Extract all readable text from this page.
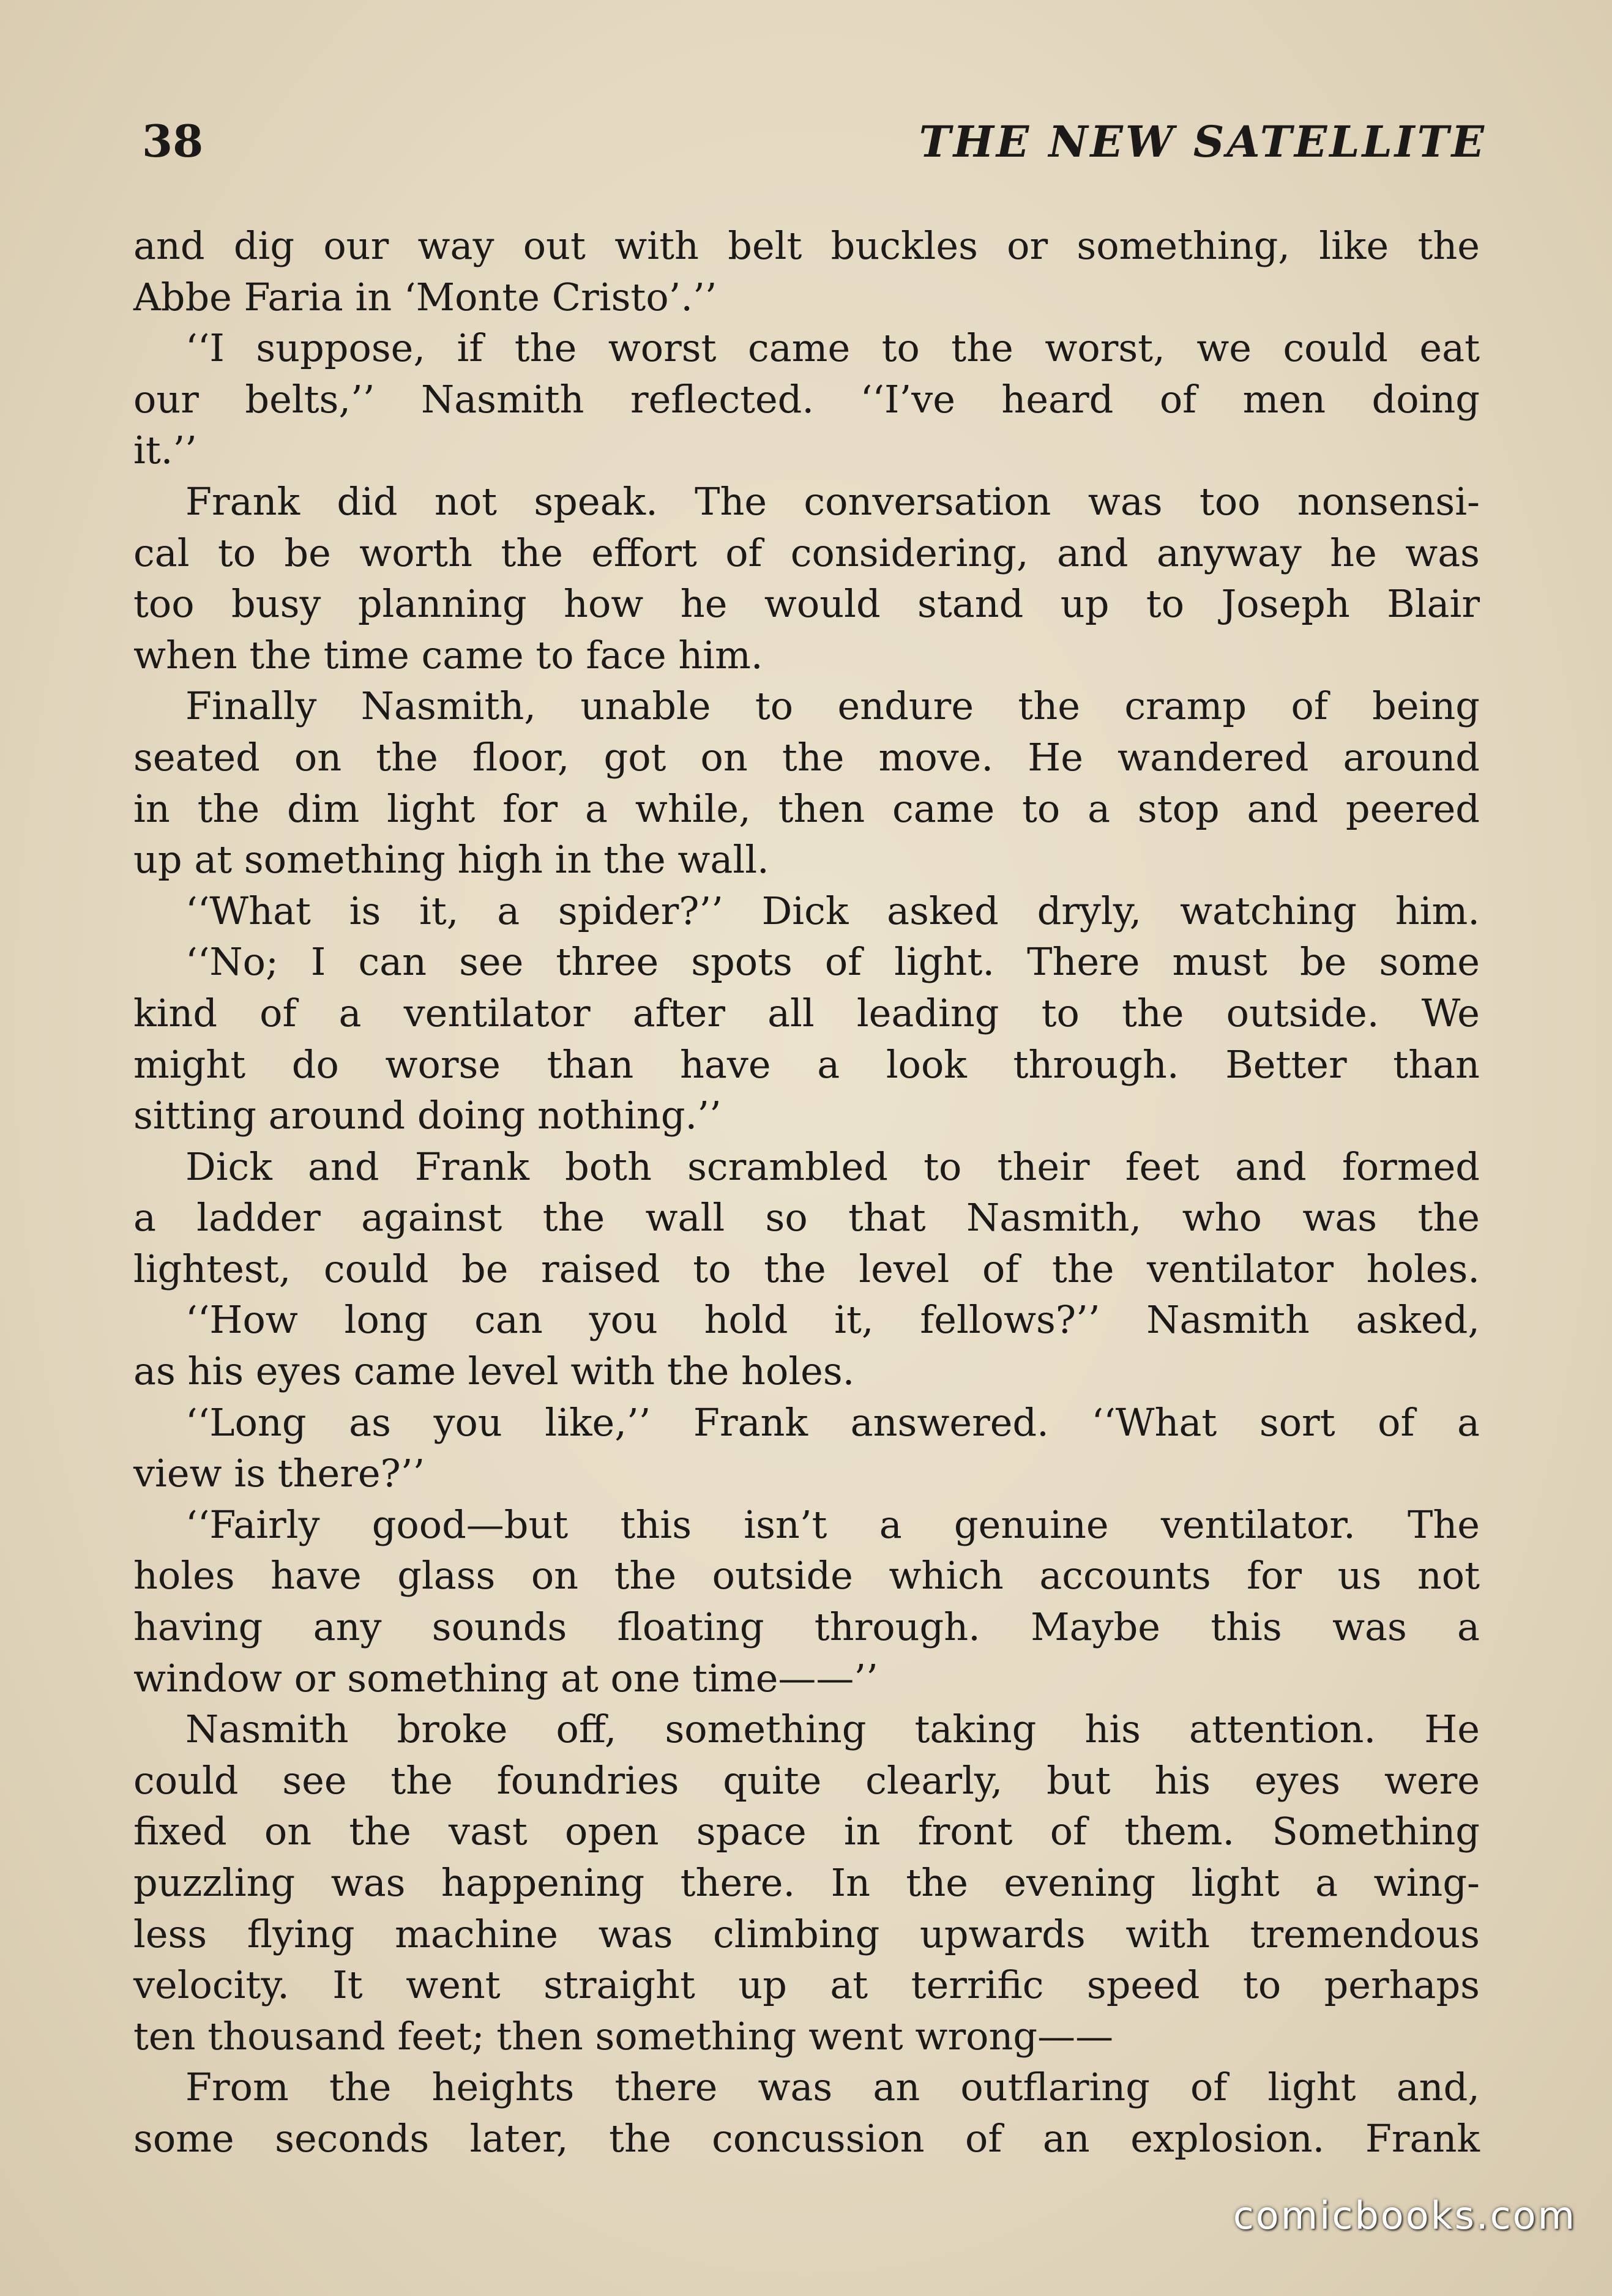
38	THE NEW SATELLITE

and dig our way out with belt buckles or something, like the
Abbe Faria in ‘Monte Cristo’.’’
‘‘I suppose, if the worst came to the worst, we could eat
our belts,’’ Nasmith reflected. ‘‘I’ve heard of men doing
it.’’
Frank did not speak. The conversation was too nonsensi-
cal to be worth the effort of considering, and anyway he was
too busy planning how he would stand up to Joseph Blair
when the time came to face him.
Finally Nasmith, unable to endure the cramp of being
seated on the floor, got on the move. He wandered around
in the dim light for a while, then came to a stop and peered
up at something high in the wall.
‘‘What is it, a spider?’’ Dick asked dryly, watching him.
‘‘No; I can see three spots of light. There must be some
kind of a ventilator after all leading to the outside. We
might do worse than have a look through. Better than
sitting around doing nothing.’’
Dick and Frank both scrambled to their feet and formed
a ladder against the wall so that Nasmith, who was the
lightest, could be raised to the level of the ventilator holes.
‘‘How long can you hold it, fellows?’’ Nasmith asked,
as his eyes came level with the holes.
‘‘Long as you like,’’ Frank answered. ‘‘What sort of a
view is there?’’
‘‘Fairly good—but this isn’t a genuine ventilator. The
holes have glass on the outside which accounts for us not
having any sounds floating through. Maybe this was a
window or something at one time——’’
Nasmith broke off, something taking his attention. He
could see the foundries quite clearly, but his eyes were
fixed on the vast open space in front of them. Something
puzzling was happening there. In the evening light a wing-
less flying machine was climbing upwards with tremendous
velocity. It went straight up at terrific speed to perhaps
ten thousand feet; then something went wrong——
From the heights there was an outflaring of light and,
some seconds later, the concussion of an explosion. Frank

comicbooks.com
